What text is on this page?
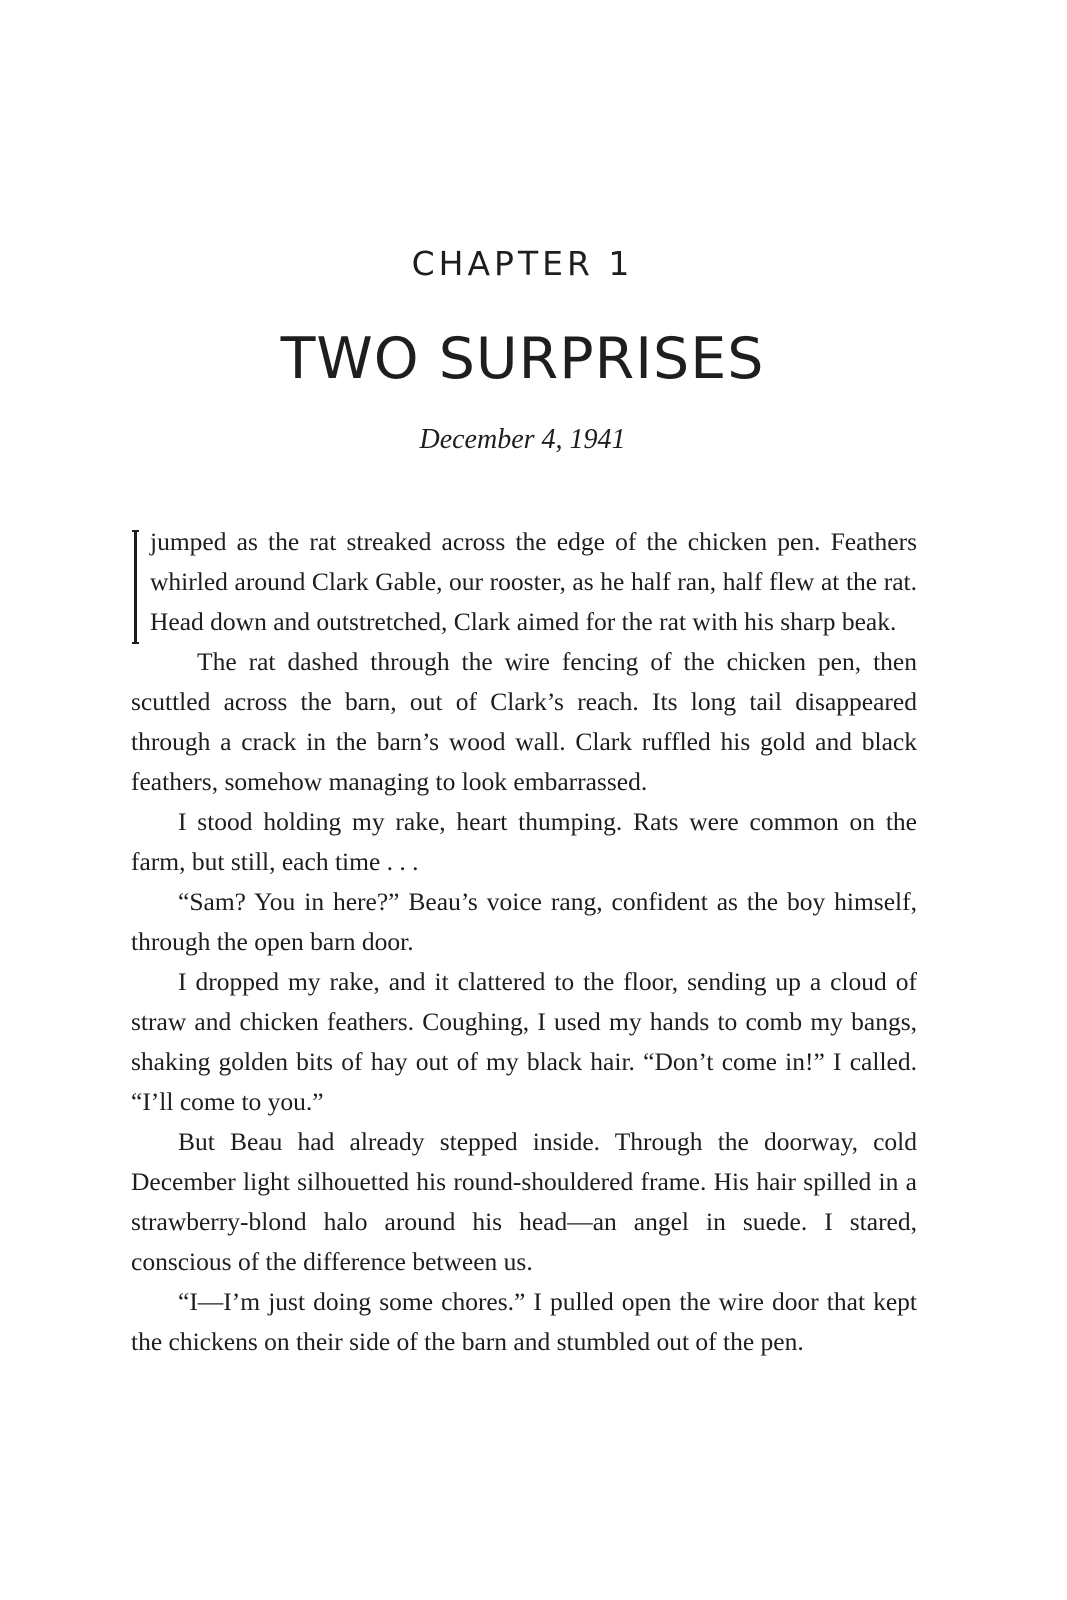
CHAPTER 1
TWO SURPRISES

December 4, 1941

jumped as the rat streaked across the edge of the chicken pen. Feathers whirled around Clark Gable, our rooster, as he half ran, half flew at the rat. Head down and outstretched, Clark aimed for the rat with his sharp beak.

The rat dashed through the wire fencing of the chicken pen, then scuttled across the barn, out of Clark’s reach. Its long tail disappeared through a crack in the barn’s wood wall. Clark ruffled his gold and black feathers, somehow managing to look embarrassed.

I stood holding my rake, heart thumping. Rats were common on the farm, but still, each time . . .

“Sam? You in here?” Beau’s voice rang, confident as the boy himself, through the open barn door.

I dropped my rake, and it clattered to the floor, sending up a cloud of straw and chicken feathers. Coughing, I used my hands to comb my bangs, shaking golden bits of hay out of my black hair. “Don’t come in!” I called. “I’ll come to you.”

But Beau had already stepped inside. Through the doorway, cold December light silhouetted his round-shouldered frame. His hair spilled in a strawberry-blond halo around his head—an angel in suede. I stared, conscious of the difference between us.

“I—I’m just doing some chores.” I pulled open the wire door that kept the chickens on their side of the barn and stumbled out of the pen.
